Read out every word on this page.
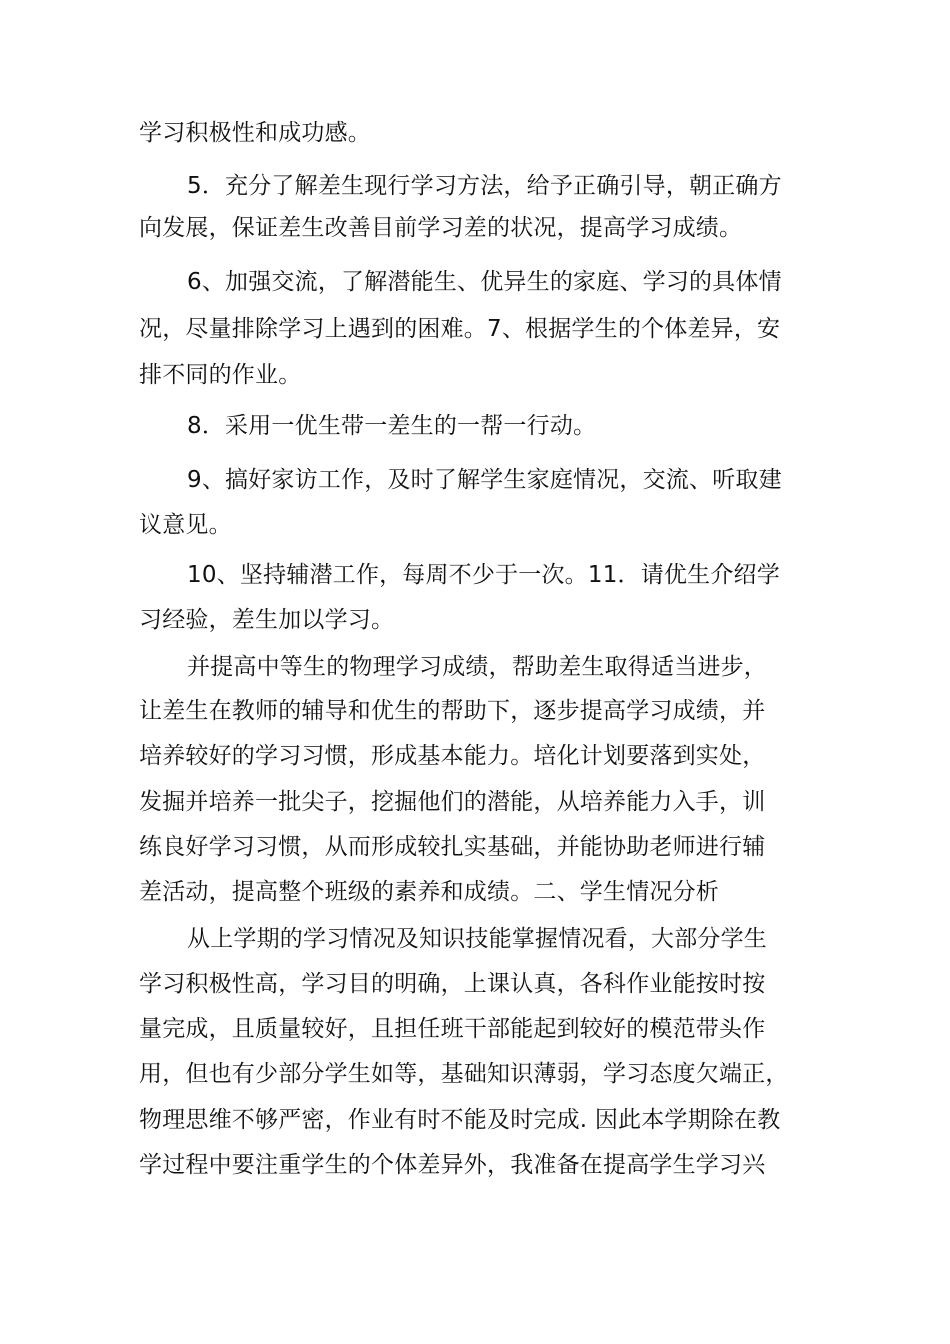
学习积极性和成功感。
5．充分了解差生现行学习方法，给予正确引导，朝正确方
向发展，保证差生改善目前学习差的状况，提高学习成绩。
6、加强交流，了解潜能生、优异生的家庭、学习的具体情
况，尽量排除学习上遇到的困难。7、根据学生的个体差异，安
排不同的作业。
8．采用一优生带一差生的一帮一行动。
9、搞好家访工作，及时了解学生家庭情况，交流、听取建
议意见。
10、坚持辅潜工作，每周不少于一次。11．请优生介绍学
习经验，差生加以学习。
并提高中等生的物理学习成绩，帮助差生取得适当进步，
让差生在教师的辅导和优生的帮助下，逐步提高学习成绩，并
培养较好的学习习惯，形成基本能力。培化计划要落到实处，
发掘并培养一批尖子，挖掘他们的潜能，从培养能力入手，训
练良好学习习惯，从而形成较扎实基础，并能协助老师进行辅
差活动，提高整个班级的素养和成绩。二、学生情况分析
从上学期的学习情况及知识技能掌握情况看，大部分学生
学习积极性高，学习目的明确，上课认真，各科作业能按时按
量完成，且质量较好，且担任班干部能起到较好的模范带头作
用，但也有少部分学生如等，基础知识薄弱，学习态度欠端正，
物理思维不够严密，作业有时不能及时完成. 因此本学期除在教
学过程中要注重学生的个体差异外，我准备在提高学生学习兴
